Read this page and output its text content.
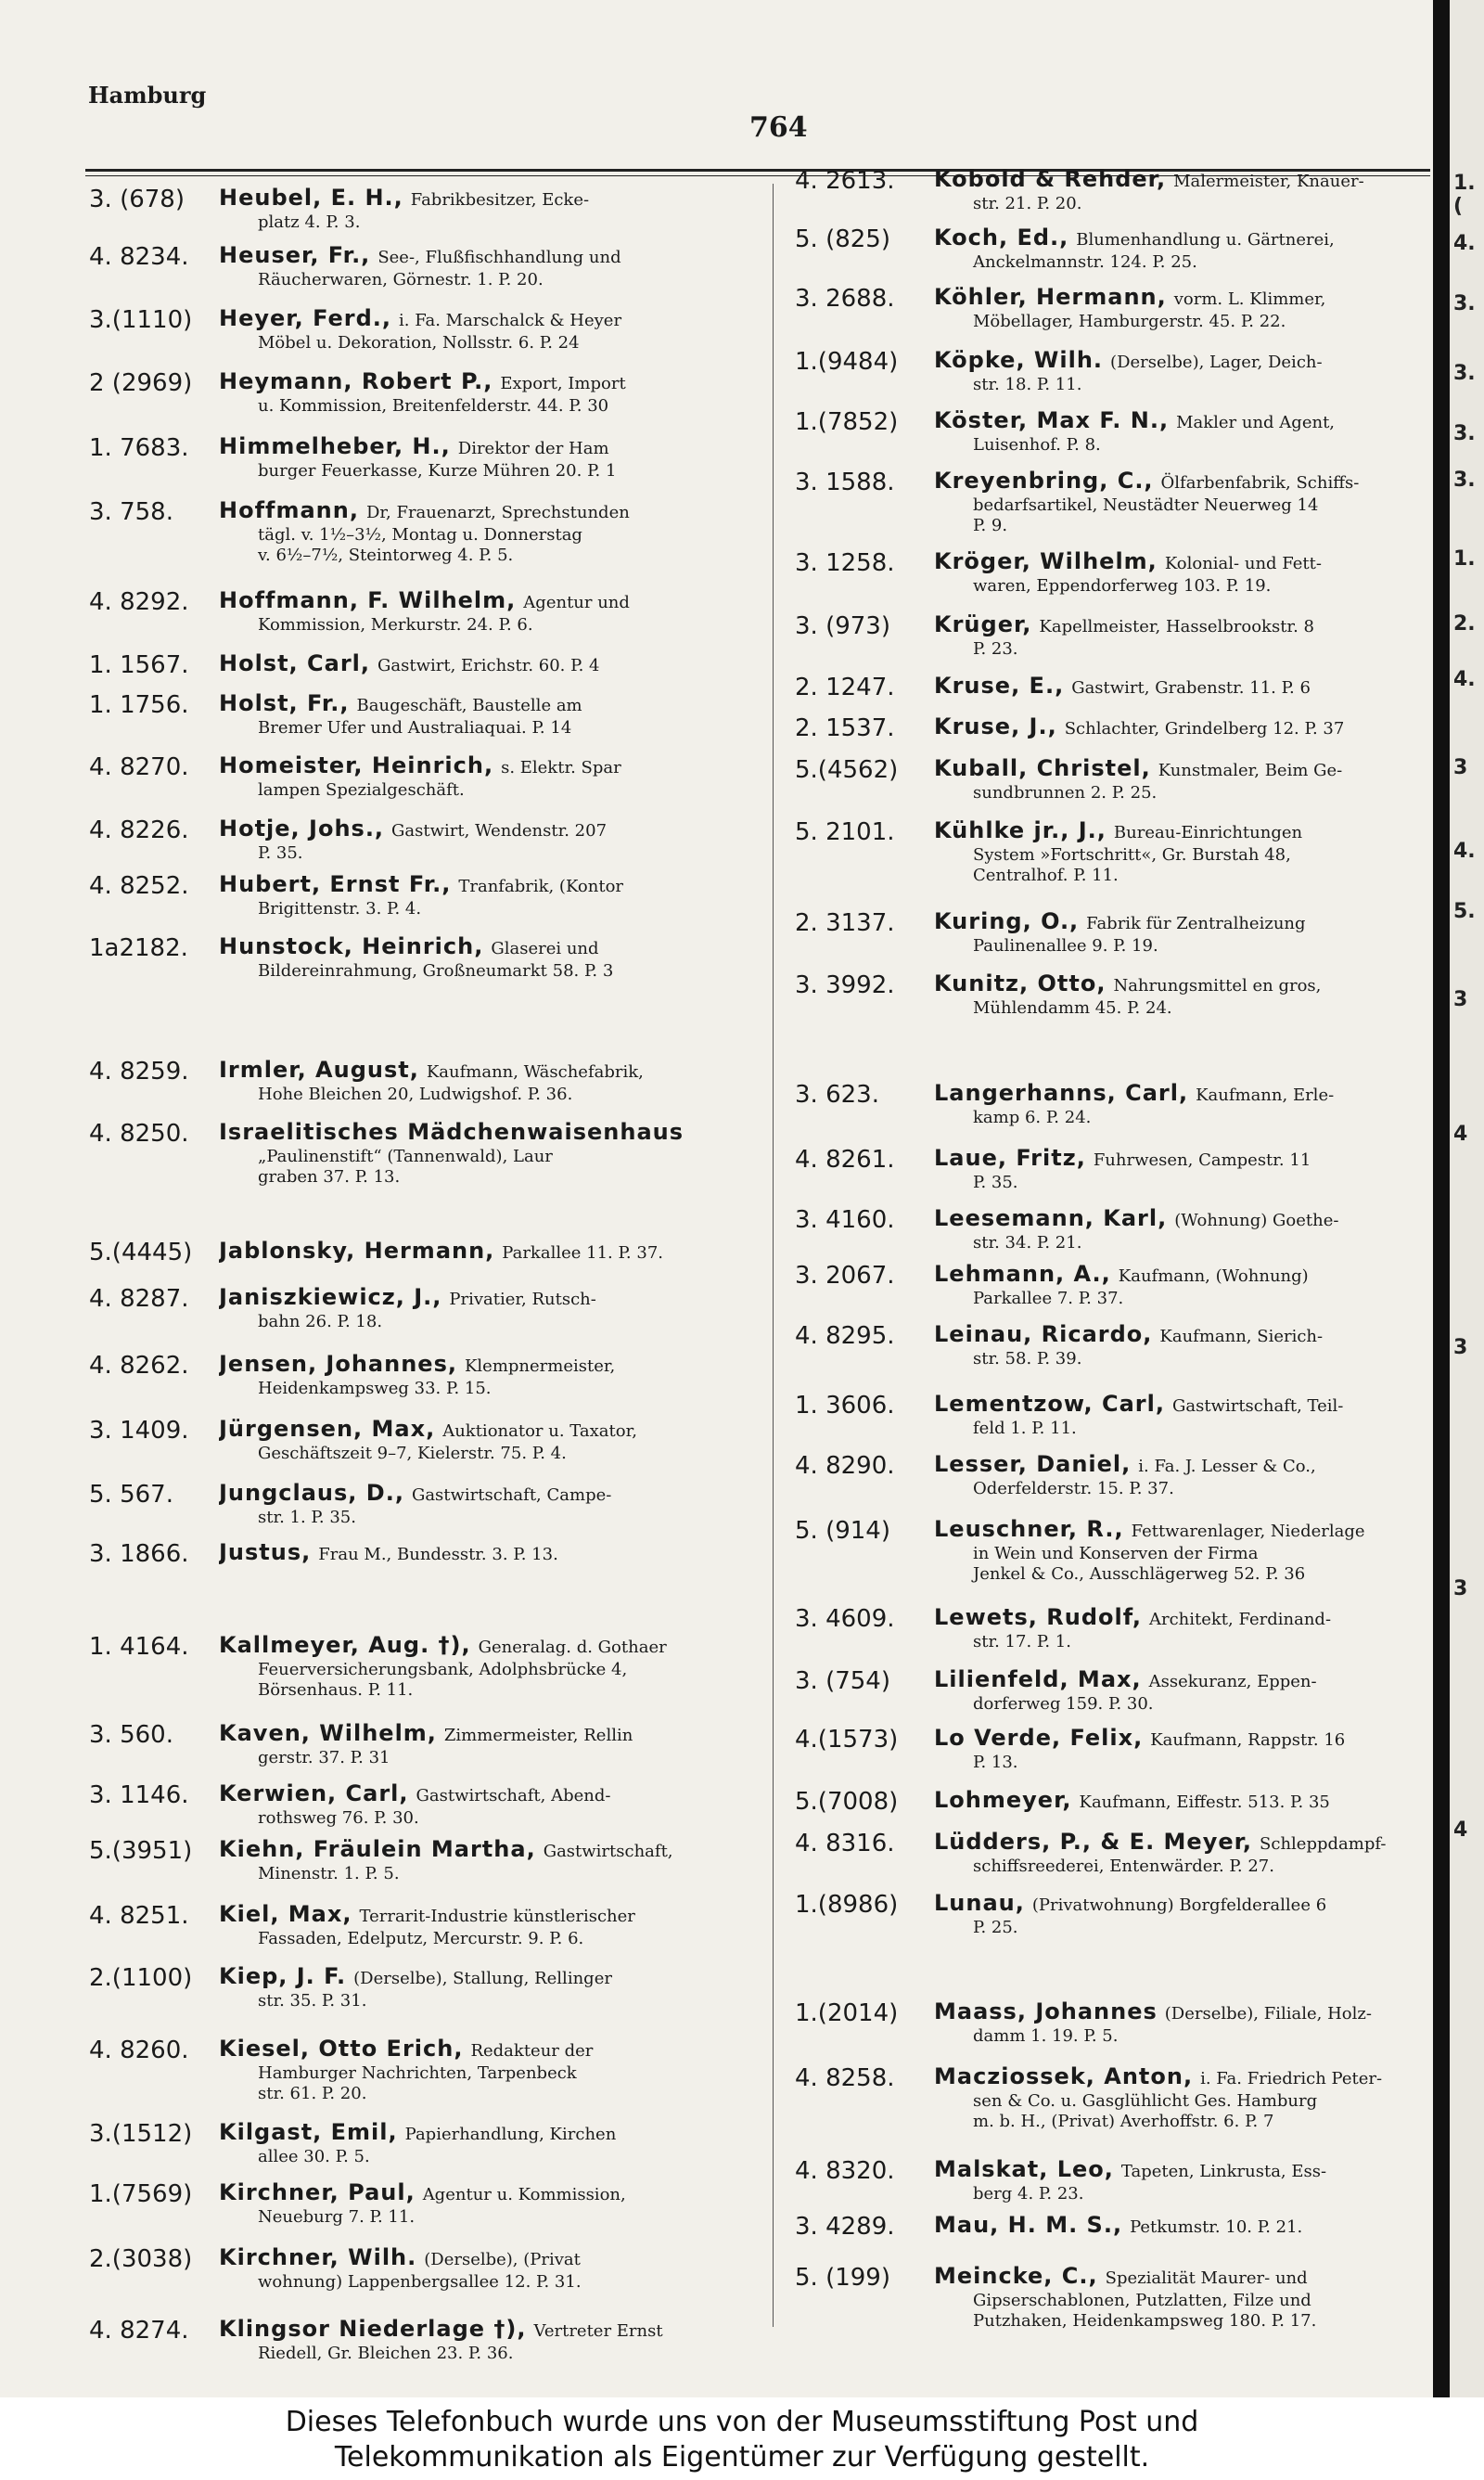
Hamburg
764
3. (678)	Heubel, E. H., Fabrikbesitzer, Ecke-
platz 4. P. 3.
4. 8234.	Heuser, Fr., See-, Flußfischhandlung und
Räucherwaren, Görnestr. 1. P. 20.
3.(1110)	Heyer, Ferd., i. Fa. Marschalck & Heyer
Möbel u. Dekoration, Nollsstr. 6. P. 24
2 (2969)	Heymann, Robert P., Export, Import
u. Kommission, Breitenfelderstr. 44. P. 30
1. 7683.	Himmelheber, H., Direktor der Ham
burger Feuerkasse, Kurze Mühren 20. P. 1
3. 758.	Hoffmann, Dr, Frauenarzt, Sprechstunden
tägl. v. 1½–3½, Montag u. Donnerstag
v. 6½–7½, Steintorweg 4. P. 5.
4. 8292.	Hoffmann, F. Wilhelm, Agentur und
Kommission, Merkurstr. 24. P. 6.
1. 1567.	Holst, Carl, Gastwirt, Erichstr. 60. P. 4
1. 1756.	Holst, Fr., Baugeschäft, Baustelle am
Bremer Ufer und Australiaquai. P. 14
4. 8270.	Homeister, Heinrich, s. Elektr. Spar
lampen Spezialgeschäft.
4. 8226.	Hotje, Johs., Gastwirt, Wendenstr. 207
P. 35.
4. 8252.	Hubert, Ernst Fr., Tranfabrik, (Kontor
Brigittenstr. 3. P. 4.
1a2182.	Hunstock, Heinrich, Glaserei und
Bildereinrahmung, Großneumarkt 58. P. 3
4. 8259.	Irmler, August, Kaufmann, Wäschefabrik,
Hohe Bleichen 20, Ludwigshof. P. 36.
4. 8250.	Israelitisches Mädchenwaisenhaus
„Paulinenstift“ (Tannenwald), Laur
graben 37. P. 13.
5.(4445)	Jablonsky, Hermann, Parkallee 11. P. 37.
4. 8287.	Janiszkiewicz, J., Privatier, Rutsch-
bahn 26. P. 18.
4. 8262.	Jensen, Johannes, Klempnermeister,
Heidenkampsweg 33. P. 15.
3. 1409.	Jürgensen, Max, Auktionator u. Taxator,
Geschäftszeit 9–7, Kielerstr. 75. P. 4.
5. 567.	Jungclaus, D., Gastwirtschaft, Campe-
str. 1. P. 35.
3. 1866.	Justus, Frau M., Bundesstr. 3. P. 13.
1. 4164.	Kallmeyer, Aug. †), Generalag. d. Gothaer
Feuerversicherungsbank, Adolphsbrücke 4,
Börsenhaus. P. 11.
3. 560.	Kaven, Wilhelm, Zimmermeister, Rellin
gerstr. 37. P. 31
3. 1146.	Kerwien, Carl, Gastwirtschaft, Abend-
rothsweg 76. P. 30.
5.(3951)	Kiehn, Fräulein Martha, Gastwirtschaft,
Minenstr. 1. P. 5.
4. 8251.	Kiel, Max, Terrarit-Industrie künstlerischer
Fassaden, Edelputz, Mercurstr. 9. P. 6.
2.(1100)	Kiep, J. F. (Derselbe), Stallung, Rellinger
str. 35. P. 31.
4. 8260.	Kiesel, Otto Erich, Redakteur der
Hamburger Nachrichten, Tarpenbeck
str. 61. P. 20.
3.(1512)	Kilgast, Emil, Papierhandlung, Kirchen
allee 30. P. 5.
1.(7569)	Kirchner, Paul, Agentur u. Kommission,
Neueburg 7. P. 11.
2.(3038)	Kirchner, Wilh. (Derselbe), (Privat
wohnung) Lappenbergsallee 12. P. 31.
4. 8274.	Klingsor Niederlage †), Vertreter Ernst
Riedell, Gr. Bleichen 23. P. 36.
4. 2613.	Kobold & Rehder, Malermeister, Knauer-
str. 21. P. 20.
5. (825)	Koch, Ed., Blumenhandlung u. Gärtnerei,
Anckelmannstr. 124. P. 25.
3. 2688.	Köhler, Hermann, vorm. L. Klimmer,
Möbellager, Hamburgerstr. 45. P. 22.
1.(9484)	Köpke, Wilh. (Derselbe), Lager, Deich-
str. 18. P. 11.
1.(7852)	Köster, Max F. N., Makler und Agent,
Luisenhof. P. 8.
3. 1588.	Kreyenbring, C., Ölfarbenfabrik, Schiffs-
bedarfsartikel, Neustädter Neuerweg 14
P. 9.
3. 1258.	Kröger, Wilhelm, Kolonial- und Fett-
waren, Eppendorferweg 103. P. 19.
3. (973)	Krüger, Kapellmeister, Hasselbrookstr. 8
P. 23.
2. 1247.	Kruse, E., Gastwirt, Grabenstr. 11. P. 6
2. 1537.	Kruse, J., Schlachter, Grindelberg 12. P. 37
5.(4562)	Kuball, Christel, Kunstmaler, Beim Ge-
sundbrunnen 2. P. 25.
5. 2101.	Kühlke jr., J., Bureau-Einrichtungen
System »Fortschritt«, Gr. Burstah 48,
Centralhof. P. 11.
2. 3137.	Kuring, O., Fabrik für Zentralheizung
Paulinenallee 9. P. 19.
3. 3992.	Kunitz, Otto, Nahrungsmittel en gros,
Mühlendamm 45. P. 24.
3. 623.	Langerhanns, Carl, Kaufmann, Erle-
kamp 6. P. 24.
4. 8261.	Laue, Fritz, Fuhrwesen, Campestr. 11
P. 35.
3. 4160.	Leesemann, Karl, (Wohnung) Goethe-
str. 34. P. 21.
3. 2067.	Lehmann, A., Kaufmann, (Wohnung)
Parkallee 7. P. 37.
4. 8295.	Leinau, Ricardo, Kaufmann, Sierich-
str. 58. P. 39.
1. 3606.	Lementzow, Carl, Gastwirtschaft, Teil-
feld 1. P. 11.
4. 8290.	Lesser, Daniel, i. Fa. J. Lesser & Co.,
Oderfelderstr. 15. P. 37.
5. (914)	Leuschner, R., Fettwarenlager, Niederlage
in Wein und Konserven der Firma
Jenkel & Co., Ausschlägerweg 52. P. 36
3. 4609.	Lewets, Rudolf, Architekt, Ferdinand-
str. 17. P. 1.
3. (754)	Lilienfeld, Max, Assekuranz, Eppen-
dorferweg 159. P. 30.
4.(1573)	Lo Verde, Felix, Kaufmann, Rappstr. 16
P. 13.
5.(7008)	Lohmeyer, Kaufmann, Eiffestr. 513. P. 35
4. 8316.	Lüdders, P., & E. Meyer, Schleppdampf-
schiffsreederei, Entenwärder. P. 27.
1.(8986)	Lunau, (Privatwohnung) Borgfelderallee 6
P. 25.
1.(2014)	Maass, Johannes (Derselbe), Filiale, Holz-
damm 1. 19. P. 5.
4. 8258.	Macziossek, Anton, i. Fa. Friedrich Peter-
sen & Co. u. Gasglühlicht Ges. Hamburg
m. b. H., (Privat) Averhoffstr. 6. P. 7
4. 8320.	Malskat, Leo, Tapeten, Linkrusta, Ess-
berg 4. P. 23.
3. 4289.	Mau, H. M. S., Petkumstr. 10. P. 21.
5. (199)	Meincke, C., Spezialität Maurer- und
Gipserschablonen, Putzlatten, Filze und
Putzhaken, Heidenkampsweg 180. P. 17.
1.(
4.
3.
3.
3.
3.
1.
2.
4.
3
4.
5.
3
4
3
3
4
Dieses Telefonbuch wurde uns von der Museumsstiftung Post und
Telekommunikation als Eigentümer zur Verfügung gestellt.
